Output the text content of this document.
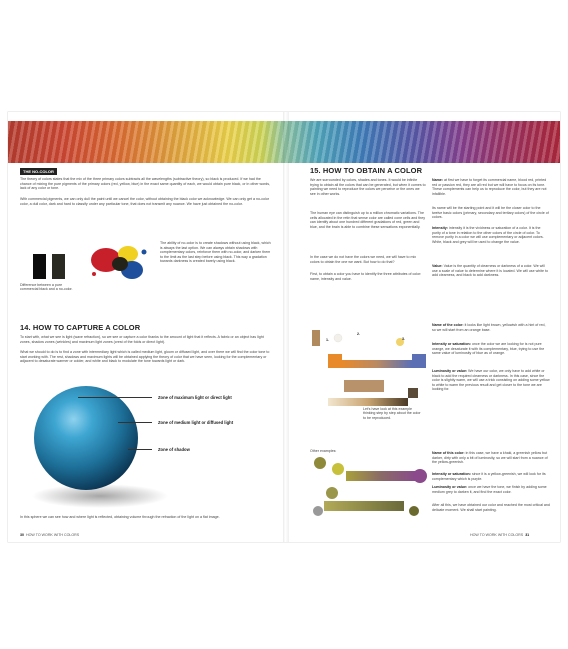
THE NO-COLOR
The theory of colors states that the mix of the three primary colors subtracts all the wavelengths (subtractive theory), so black is produced. If we had the chance of mixing the pure pigments of the primary colors (red, yellow, blue) in the exact same quantity of each, we would obtain pure black, or in other words, lack of any color or tone.
With commercial pigments, we can only dull the paint until we cancel the color, without obtaining the black color we acknowledge. We can only get a no-color color, a dull color, dark and hard to classify under any particular tone, that does not transmit any nuance. We have just obtained the no-color.
Difference between a pure commercial black and a no-color.
The ability of no-color is to create shadows without using black, which is always the last option. We can always obtain shadows with complementary colors, reinforce them with no-color, and darken them to the limit as the last step before using black. This way a gradation towards darkness is created barely using black.
14. HOW TO CAPTURE A COLOR
To start with, what we see is light (wave refraction), so we see or capture a color thanks to the amount of light that it reflects. A fabric or an object has light zones, shadow zones (wrinkles) and maximum light zones (crest of the folds or direct light).
What we should to do is to find a zone with intermediary light which is called medium light, gloom or diffused light, and over there we will find the color tone to start working with. The rest, shadows and maximum lights will be obtained applying the theory of color that we have seen, looking for the complementary or adjacent to desaturate warmer or colder, and white and black to modulate the tone towards light or dark.
Zone of maximum light or direct light
Zone of medium light or diffused light
Zone of shadow
In this sphere we can see how and where light is reflected, obtaining volume through the refraction of the light on a flat image.
30 HOW TO WORK WITH COLORS
15. HOW TO OBTAIN A COLOR
We are surrounded by colors, shades and tones. It would be infinite trying to obtain all the colors that can be generated, but when it comes to painting we need to reproduce the colors we perceive or the ones we see in other works.
The human eye can distinguish up to a million chromatic variations. The cells allocated in the retin that sense color are called cone cells and they can identify about one hundred different gradations of red, green and blue, and the brain is able to combine these sensations exponentially.
In the case we do not have the colors we need, we will have to mix colors to obtain the one we want. But how to do that?
First, to obtain a color you have to identify the three attributes of color: name, intensity and value.
Name: at first we have to forget its commercial name, blood red, printed red or passion red, they are all red but we will have to focus on its tone. These complements can help us to reproduce the color, but they are not infallible.
Its name will be the starting point and it will be the closer color to the twelve basic colors (primary, secondary and tertiary colors) of the circle of colors.
Intensity: intensity it is the vividness or saturation of a color. It is the purity of a tone in relation to the other colors of the circle of color. To remove purity in a color we will use complementary or adjacent colors. White, black and grey will be used to change the value.
Value: Value is the quantity of clearness or darkness of a color. We will use a scale of value to determine where it is located. We will use white to add clearness, and black to add darkness.
1.
2.
3.
Let's have look at this example thinking step by step about the color to be reproduced.
Other examples:
Name of the color: it looks like light brown, yellowish with a hint of red, so we will start from an orange base.
Intensity or saturation: once the color we are looking for is not pure orange, we desaturate it with its complementary, blue, trying to use the same value of luminosity of blue as of orange.
Luminosity or value: We have our color, we only have to add white or black to add the required clearness or darkness. In this case, since the color is slightly warm, we will use a trick consisting on adding some yellow to white to warm the previous result and get closer to the tone we are looking for.
Name of this color: in this case, we have a khaki, a greenish yellow but darker, dirty with only a bit of luminosity, so we will start from a nuance of the yellow-greenish.
Intensity or saturation: since it is a yellow-greenish, we will look for its complementary which is purple.
Luminosity or value: once we have the tone, we finish by adding some medium grey to darken it, and find the exact color.
After all this, we have obtained our color and reached the most critical and delicate moment. We shall start painting.
HOW TO WORK WITH COLORS 31
